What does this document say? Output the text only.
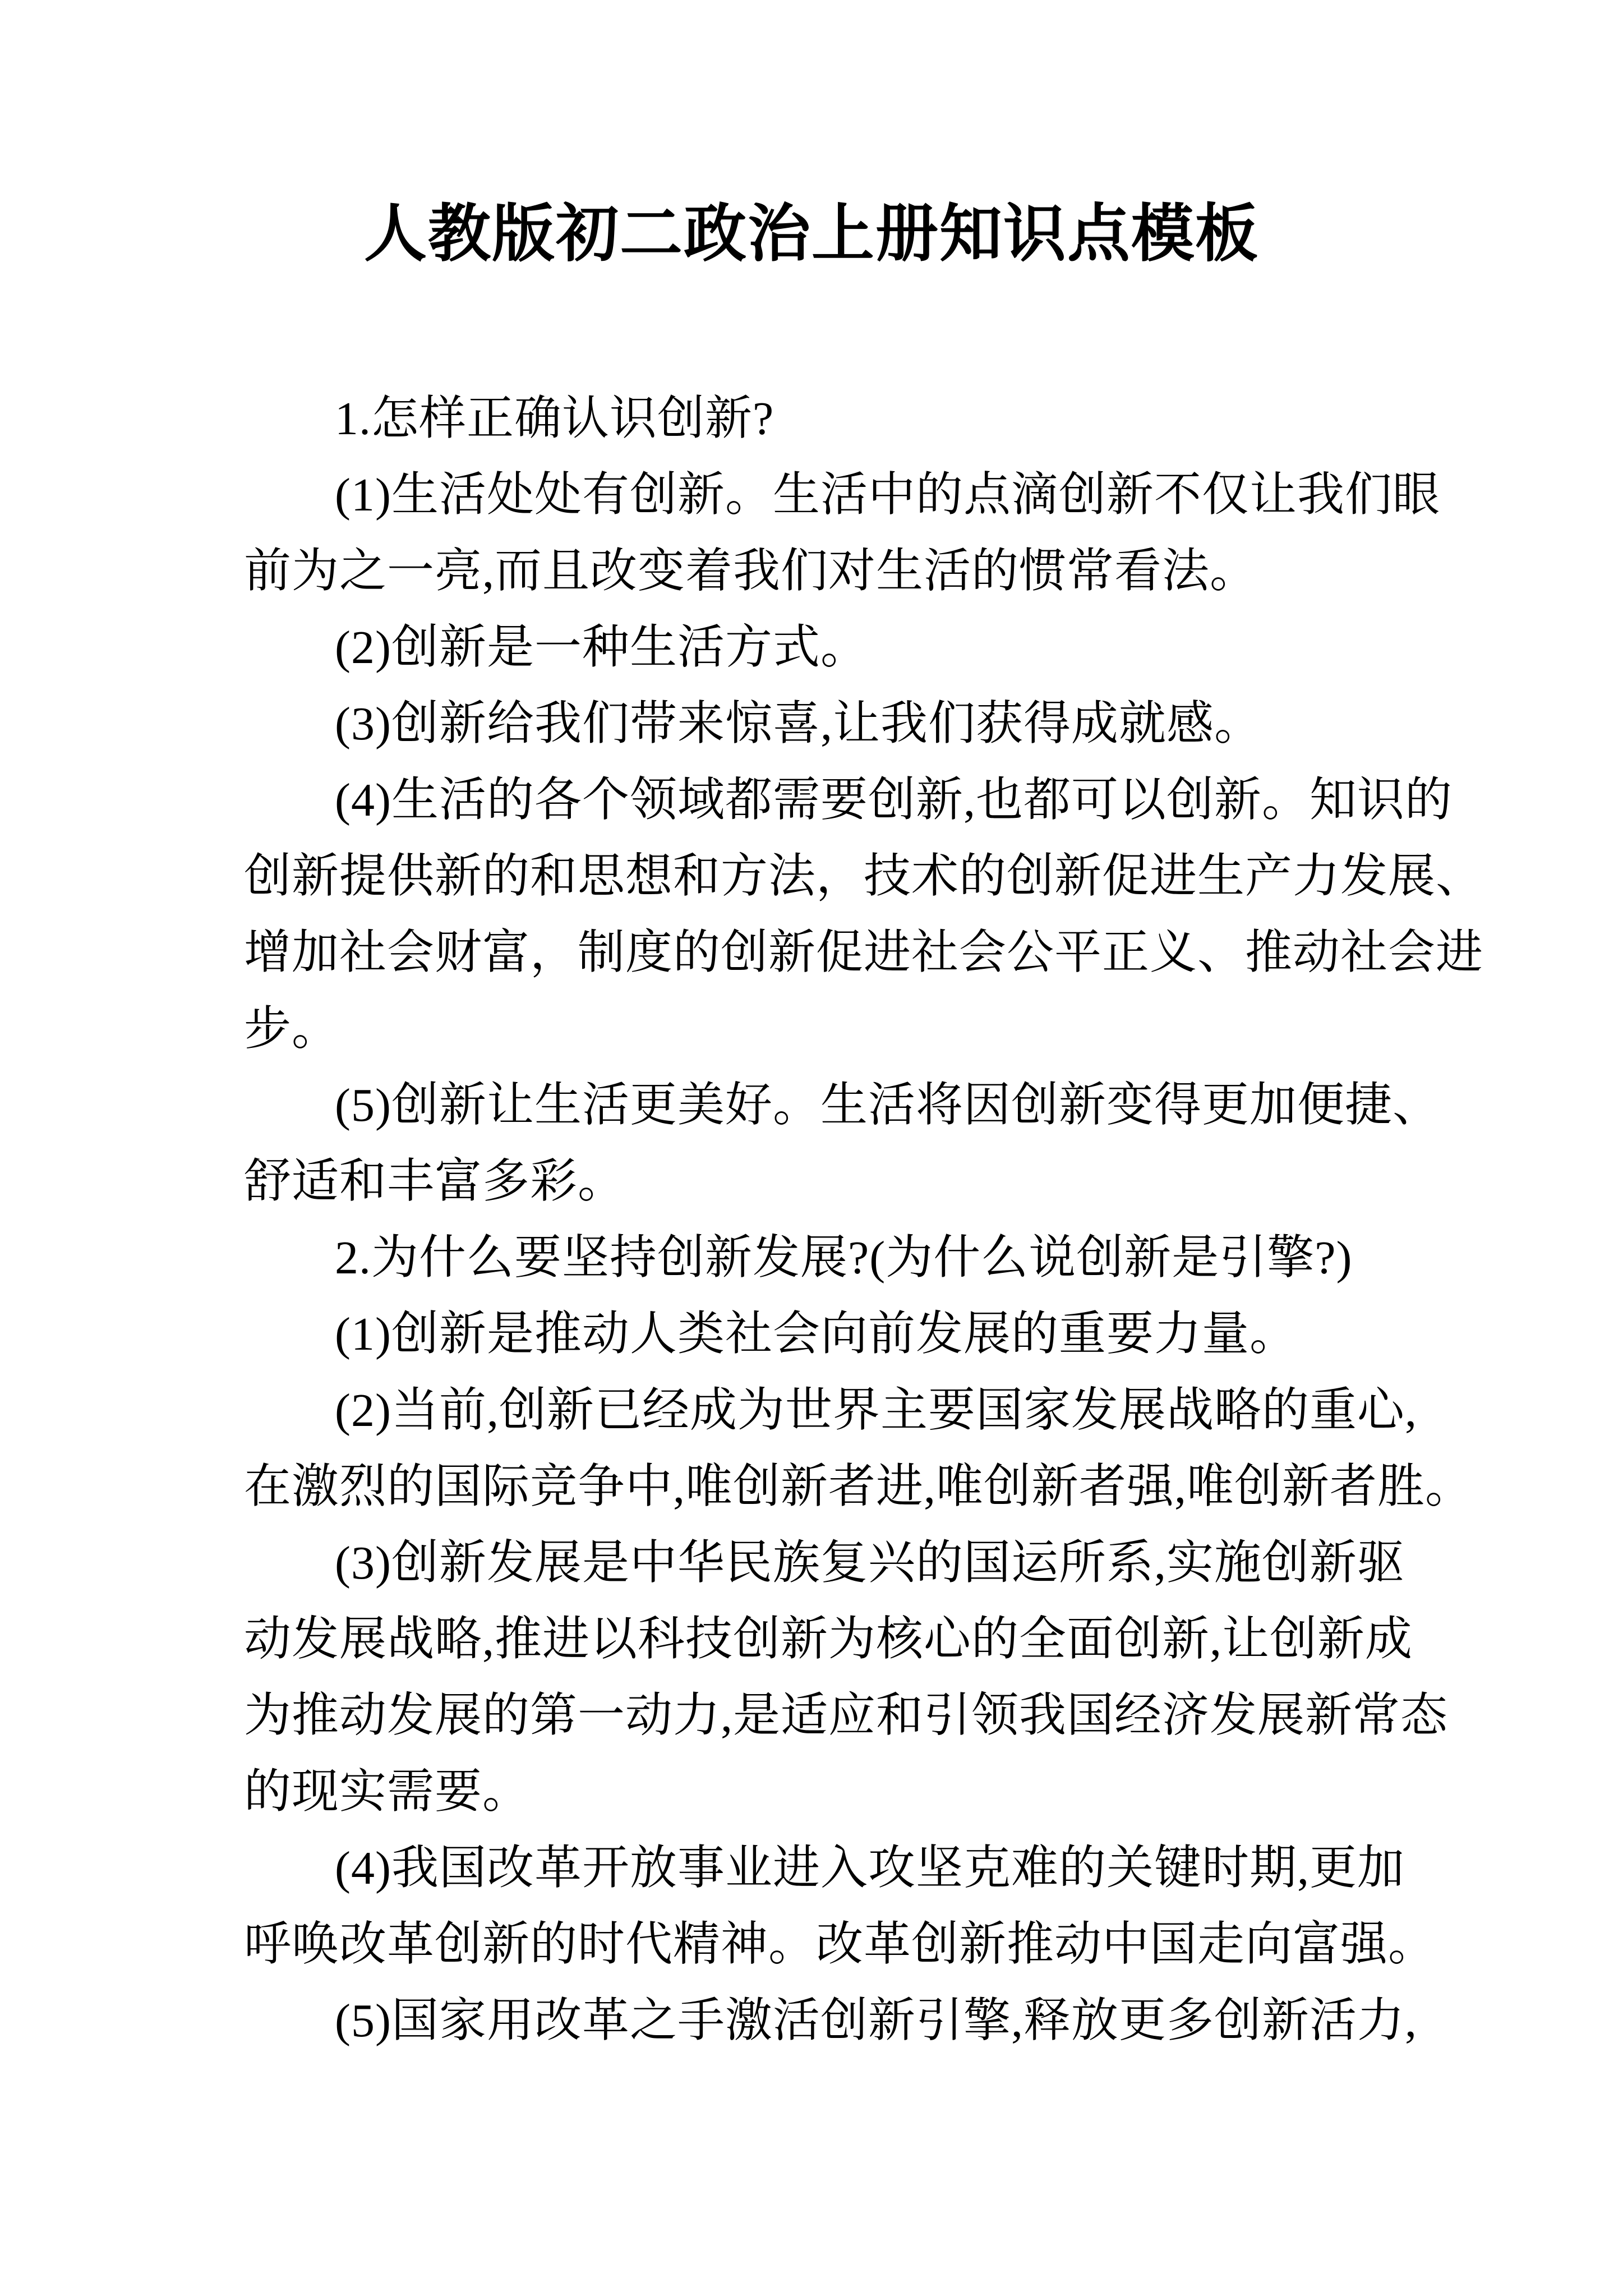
人教版初二政治上册知识点模板
1.怎样正确认识创新?
(1)生活处处有创新。生活中的点滴创新不仅让我们眼
前为之一亮,而且改变着我们对生活的惯常看法。
(2)创新是一种生活方式。
(3)创新给我们带来惊喜,让我们获得成就感。
(4)生活的各个领域都需要创新,也都可以创新。知识的
创新提供新的和思想和方法，技术的创新促进生产力发展、
增加社会财富，制度的创新促进社会公平正义、推动社会进
步。
(5)创新让生活更美好。生活将因创新变得更加便捷、
舒适和丰富多彩。
2.为什么要坚持创新发展?(为什么说创新是引擎?)
(1)创新是推动人类社会向前发展的重要力量。
(2)当前,创新已经成为世界主要国家发展战略的重心,
在激烈的国际竞争中,唯创新者进,唯创新者强,唯创新者胜。
(3)创新发展是中华民族复兴的国运所系,实施创新驱
动发展战略,推进以科技创新为核心的全面创新,让创新成
为推动发展的第一动力,是适应和引领我国经济发展新常态
的现实需要。
(4)我国改革开放事业进入攻坚克难的关键时期,更加
呼唤改革创新的时代精神。改革创新推动中国走向富强。
(5)国家用改革之手激活创新引擎,释放更多创新活力,
